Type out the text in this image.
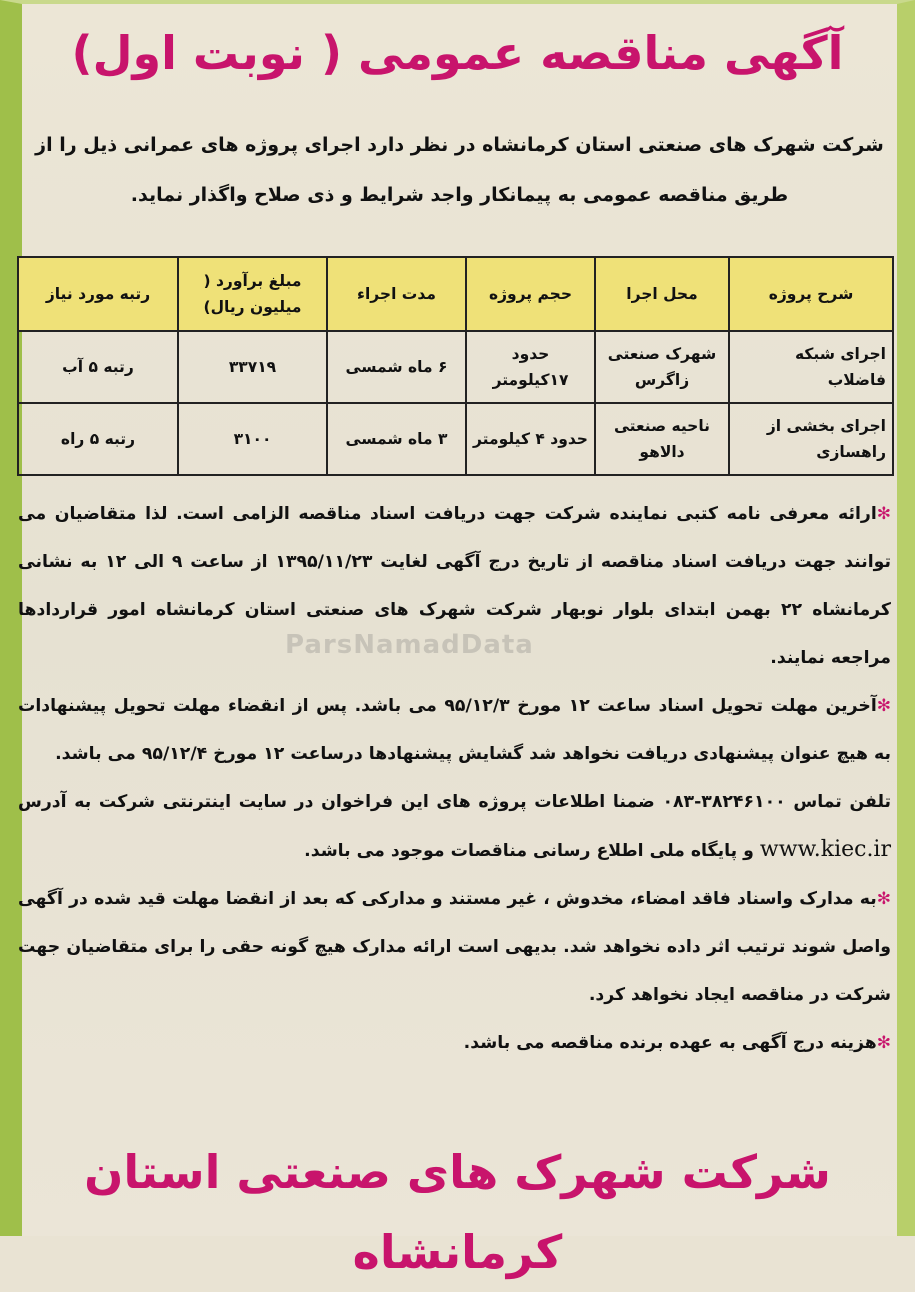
آگهی مناقصه عمومی ( نوبت اول)
شرکت شهرک های صنعتی استان کرمانشاه در نظر دارد اجرای پروژه های عمرانی ذیل را از طریق مناقصه عمومی به پیمانکار واجد شرایط و ذی صلاح واگذار نماید.
شرح پروژه	محل اجرا	حجم پروژه	مدت اجراء	مبلغ برآورد ( میلیون ریال)	رتبه مورد نیاز
اجرای شبکه فاضلاب	شهرک صنعتی زاگرس	حدود ۱۷کیلومتر	۶ ماه شمسی	۳۳۷۱۹	رتبه ۵ آب
اجرای بخشی از راهسازی	ناحیه صنعتی دالاهو	حدود ۴ کیلومتر	۳ ماه شمسی	۳۱۰۰	رتبه ۵ راه
ParsNamadData

✻ارائه معرفی نامه کتبی نماینده شرکت جهت دریافت اسناد مناقصه الزامی است. لذا متقاضیان می توانند جهت دریافت اسناد مناقصه از تاریخ درج آگهی لغایت ۱۳۹۵/۱۱/۲۳ از ساعت ۹ الی ۱۲ به نشانی کرمانشاه ۲۲ بهمن ابتدای بلوار نوبهار شرکت شهرک های صنعتی استان کرمانشاه امور قراردادها مراجعه نمایند.

✻آخرین مهلت تحویل اسناد ساعت ۱۲ مورخ ۹۵/۱۲/۳ می باشد. پس از انقضاء مهلت تحویل پیشنهادات به هیچ عنوان پیشنهادی دریافت نخواهد شد گشایش پیشنهادها درساعت ۱۲ مورخ ۹۵/۱۲/۴ می باشد.

تلفن تماس ۳۸۲۴۶۱۰۰-۰۸۳ ضمنا اطلاعات پروژه های این فراخوان در سایت اینترنتی شرکت به آدرس www.kiec.ir و پایگاه ملی اطلاع رسانی مناقصات موجود می باشد.

✻به مدارک واسناد فاقد امضاء، مخدوش ، غیر مستند و مدارکی که بعد از انقضا مهلت قید شده در آگهی واصل شوند ترتیب اثر داده نخواهد شد. بدیهی است ارائه مدارک هیچ گونه حقی را برای متقاضیان جهت شرکت در مناقصه ایجاد نخواهد کرد.

✻هزینه درج آگهی به عهده برنده مناقصه می باشد.

شرکت شهرک های صنعتی استان کرمانشاه
